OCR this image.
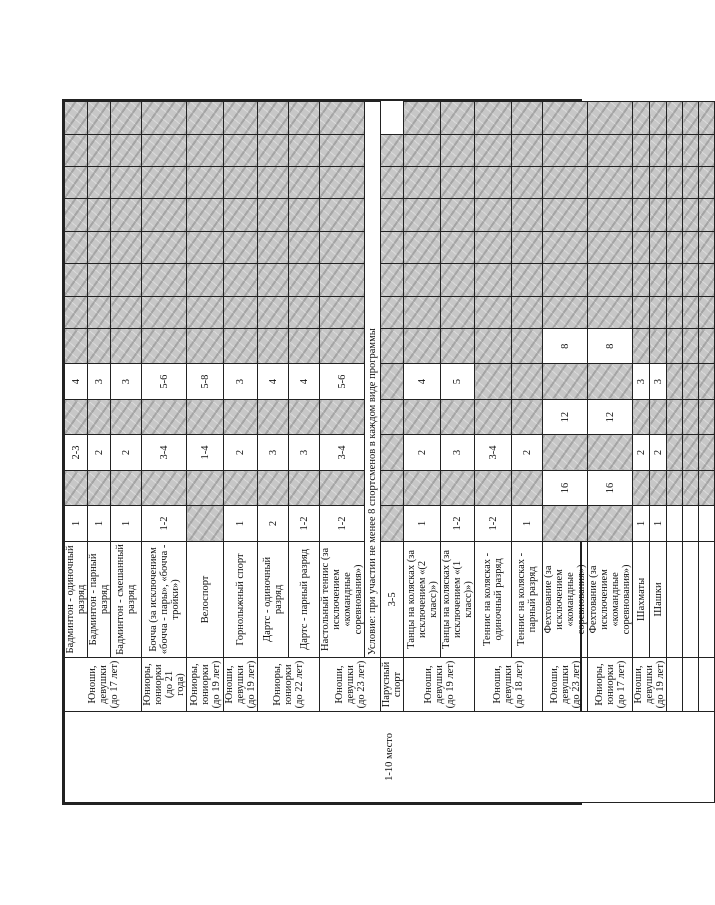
1-10 место	Юноши, девушки (до 17 лет)	Бадминтон - одиночный разряд	1		2-3		4								
		Бадминтон - парный разряд	1		2		3								
		Бадминтон - смешанный разряд	1		2		3								
	Юниоры, юниорки (до 21 года)	Бочча (за исключением «бочча - пары», «бочча - тройки»)	1-2		3-4		5-6								
	Юниоры, юниорки (до 19 лет)	Велоспорт			1-4		5-8								
	Юноши, девушки (до 19 лет)	Горнолыжный спорт	1		2		3								
	Юниоры, юниорки (до 22 лет)	Дартс - одиночный разряд	2		3		4								
		Дартс - парный разряд	1-2		3		4								
	Юноши, девушки (до 23 лет)	Настольный теннис (за исключением «командные соревнования»)	1-2		3-4		5-6								
		Условие: при участии не менее 8 спортсменов в каждом виде программы													
	Парусный спорт	3-5													
	Юноши, девушки (до 19 лет)	Танцы на колясках (за исключением «(2 класс)»)	1		2		4								
		Танцы на колясках (за исключением «(1 класс)»)	1-2		3		5								
	Юноши, девушки (до 18 лет)	Теннис на колясках - одиночный разряд	1-2		3-4										
		Теннис на колясках - парный разряд	1		2										
	Юноши, девушки (до 23 лет)	Фехтование (за исключением «командные соревнования»)		16		12		8							
	Юниоры, юниорки (до 17 лет)	Фехтование (за исключением «командные соревнования»)		16		12		8							
	Юноши, девушки (до 19 лет)	Шахматы	1		2		3								
		Шашки	1		2		3								
